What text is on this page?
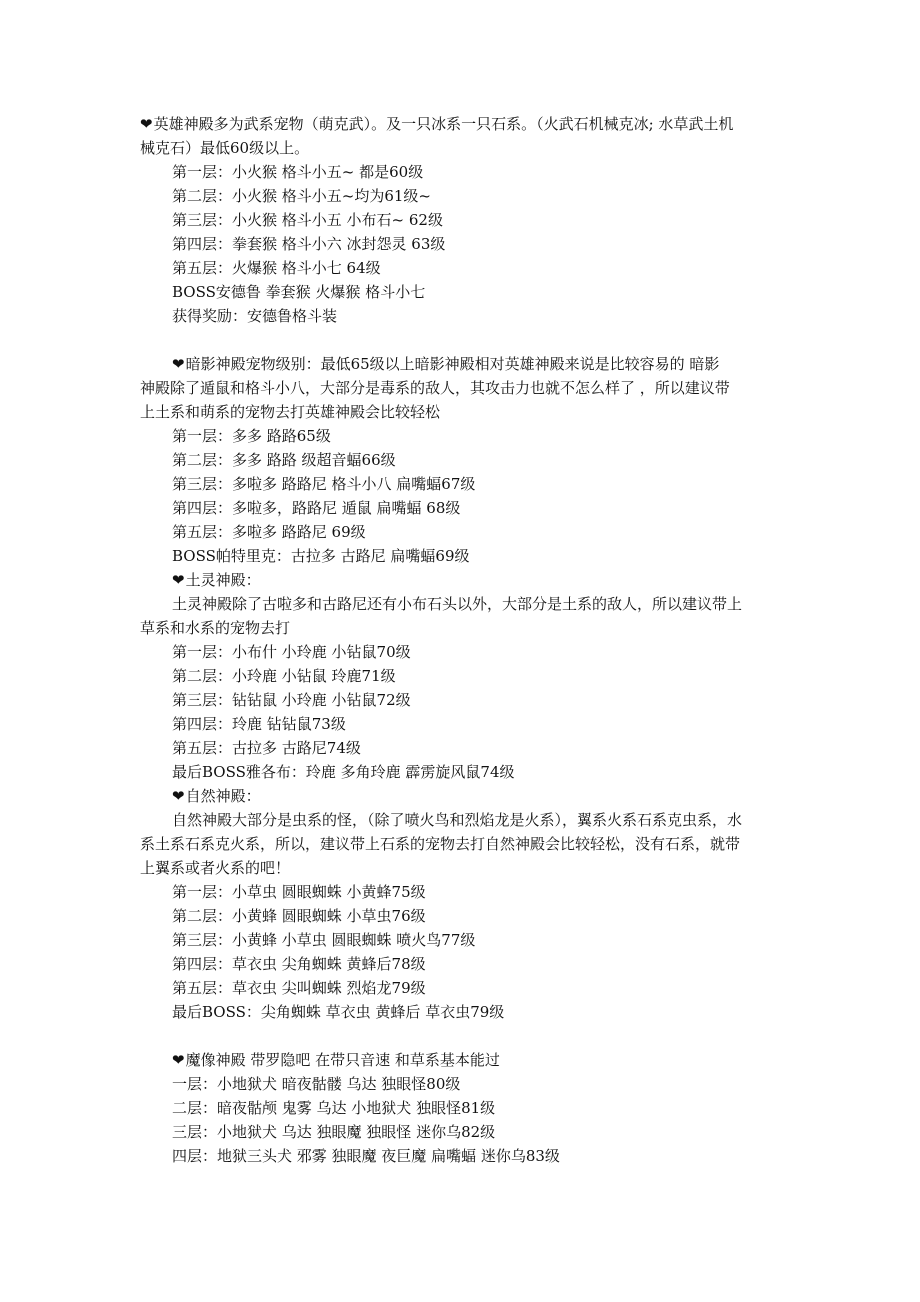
❤英雄神殿多为武系宠物（萌克武）。及一只冰系一只石系。（火武石机械克冰; 水草武土机
械克石）最低60级以上。
第一层：小火猴 格斗小五~ 都是60级
第二层：小火猴 格斗小五~均为61级~
第三层：小火猴 格斗小五 小布石~ 62级
第四层：拳套猴 格斗小六 冰封怨灵 63级
第五层：火爆猴 格斗小七 64级
BOSS安德鲁 拳套猴 火爆猴 格斗小七
获得奖励：安德鲁格斗装
❤暗影神殿宠物级别：最低65级以上暗影神殿相对英雄神殿来说是比较容易的 暗影
神殿除了遁鼠和格斗小八，大部分是毒系的敌人，其攻击力也就不怎么样了 ，所以建议带
上土系和萌系的宠物去打英雄神殿会比较轻松
第一层：多多 路路65级
第二层：多多 路路 级超音蝠66级
第三层：多啦多 路路尼 格斗小八 扁嘴蝠67级
第四层：多啦多，路路尼 遁鼠 扁嘴蝠 68级
第五层：多啦多 路路尼 69级
BOSS帕特里克：古拉多 古路尼 扁嘴蝠69级
❤土灵神殿：
土灵神殿除了古啦多和古路尼还有小布石头以外，大部分是土系的敌人，所以建议带上
草系和水系的宠物去打
第一层：小布什 小玲鹿 小钻鼠70级
第二层：小玲鹿 小钻鼠 玲鹿71级
第三层：钻钻鼠 小玲鹿 小钻鼠72级
第四层：玲鹿 钻钻鼠73级
第五层：古拉多 古路尼74级
最后BOSS雅各布：玲鹿 多角玲鹿 霹雳旋风鼠74级
❤自然神殿：
自然神殿大部分是虫系的怪，（除了喷火鸟和烈焰龙是火系），翼系火系石系克虫系，水
系土系石系克火系，所以，建议带上石系的宠物去打自然神殿会比较轻松，没有石系，就带
上翼系或者火系的吧！
第一层：小草虫 圆眼蜘蛛 小黄蜂75级
第二层：小黄蜂 圆眼蜘蛛 小草虫76级
第三层：小黄蜂 小草虫 圆眼蜘蛛 喷火鸟77级
第四层：草衣虫 尖角蜘蛛 黄蜂后78级
第五层：草衣虫 尖叫蜘蛛 烈焰龙79级
最后BOSS：尖角蜘蛛 草衣虫 黄蜂后 草衣虫79级
❤魔像神殿 带罗隐吧 在带只音速 和草系基本能过
一层：小地狱犬 暗夜骷髅 乌达 独眼怪80级
二层：暗夜骷颅 鬼雾 乌达 小地狱犬 独眼怪81级
三层：小地狱犬 乌达 独眼魔 独眼怪 迷你乌82级
四层：地狱三头犬 邪雾 独眼魔 夜巨魔 扁嘴蝠 迷你乌83级
